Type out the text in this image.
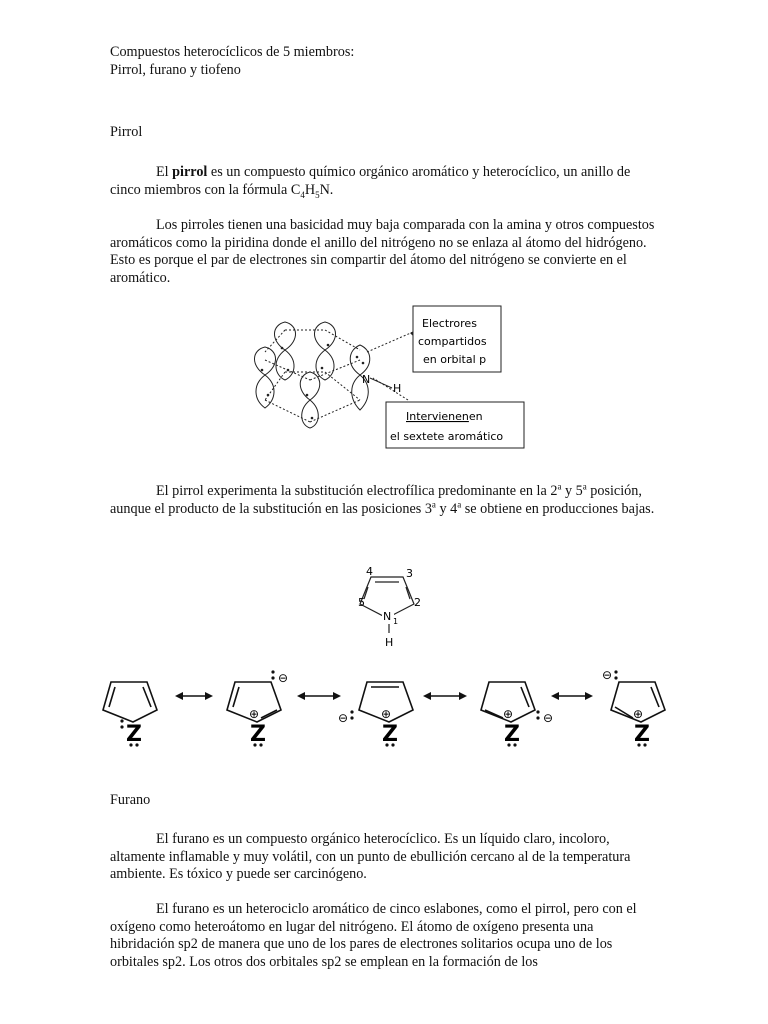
Compuestos heterocíclicos de 5 miembros:
Pirrol, furano y tiofeno
Pirrol
El pirrol es un compuesto químico orgánico aromático y heterocíclico, un anillo de cinco miembros con la fórmula $C_4H_5N$.
Los pirroles tienen una basicidad muy baja comparada con la amina y otros compuestos aromáticos como la piridina donde el anillo del nitrógeno no se enlaza al átomo del hidrógeno. Esto es porque el par de electrones sin compartir del átomo del nitrógeno se convierte en el aromático.
N
H
Electrores
compartidos
en orbital p
Intervienenen
el sextete aromático
El pirrol experimenta la substitución electrofílica predominante en la 2$^a$ y 5$^a$ posición, aunque el producto de la substitución en las posiciones 3$^a$ y 4$^a$ se obtiene en producciones bajas.
4	3
5	2
N 1
H
Z	Z	Z	Z	Z
⊕
⊖
⊕
⊖	⊕ ⊖	⊕
⊖
Furano
El furano es un compuesto orgánico heterocíclico. Es un líquido claro, incoloro, altamente inflamable y muy volátil, con un punto de ebullición cercano al de la temperatura ambiente. Es tóxico y puede ser carcinógeno.
El furano es un heterociclo aromático de cinco eslabones, como el pirrol, pero con el oxígeno como heteroátomo en lugar del nitrógeno. El átomo de oxígeno presenta una hibridación sp2 de manera que uno de los pares de electrones solitarios ocupa uno de los orbitales sp2. Los otros dos orbitales sp2 se emplean en la formación de los
